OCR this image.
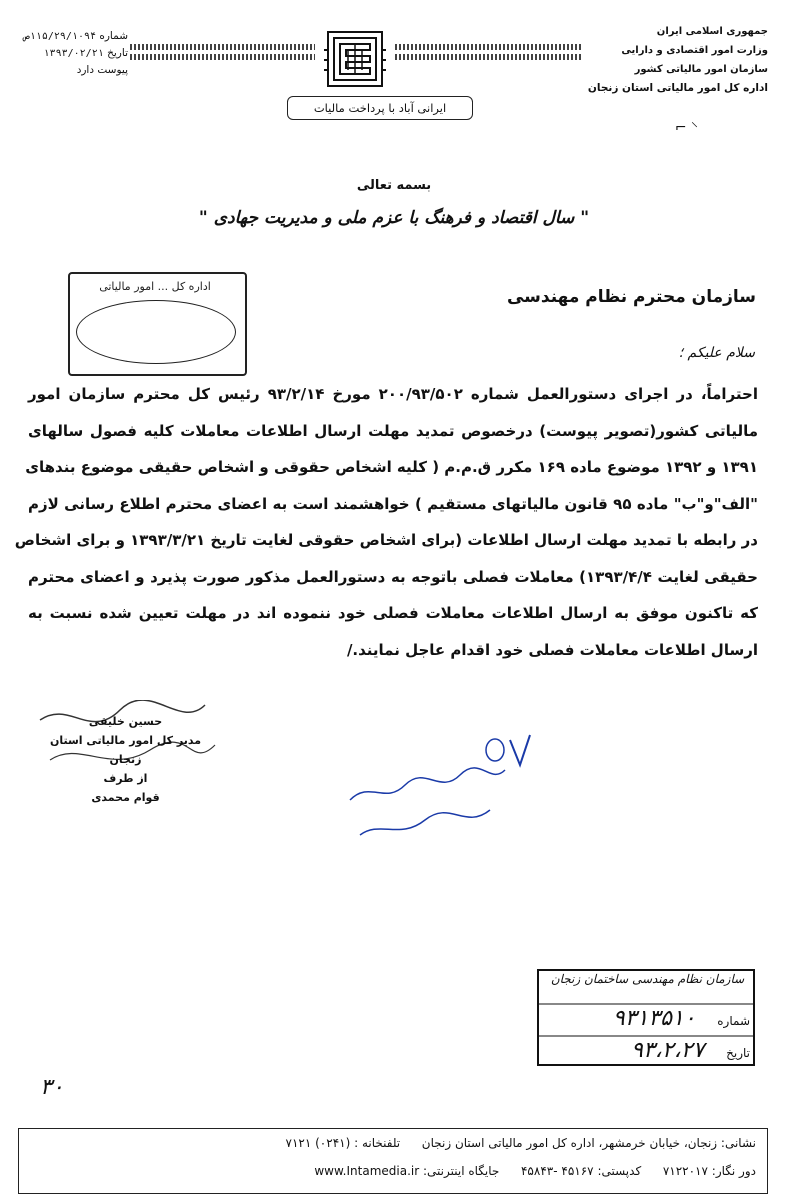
جمهوری اسلامی ایران
وزارت امور اقتصادی و دارایی
سازمان امور مالیاتی کشور
اداره کل امور مالیاتی استان زنجان
شماره ۱۱۵/۲۹/۱۰۹۴ص
تاریخ ۱۳۹۳/۰۲/۲۱
پیوست دارد
ایرانی آباد با پرداخت مالیات
⌐ ⸌
بسمه تعالی
" سال اقتصاد و فرهنگ با عزم ملی و مدیریت جهادی "
اداره کل ... امور مالیاتی
سازمان محترم نظام مهندسی
سلام علیکم ؛
احتراماً، در اجرای دستورالعمل شماره ۲۰۰/۹۳/۵۰۲ مورخ ۹۳/۲/۱۴ رئیس کل محترم سازمان امور
مالیاتی کشور(تصویر پیوست) درخصوص تمدید مهلت ارسال اطلاعات معاملات کلیه فصول سالهای
۱۳۹۱ و ۱۳۹۲ موضوع ماده ۱۶۹ مکرر ق.م.م ( کلیه اشخاص حقوقی و اشخاص حقیقی موضوع بندهای
"الف"و"ب" ماده ۹۵ قانون مالیاتهای مستقیم ) خواهشمند است به اعضای محترم اطلاع رسانی لازم
در رابطه با تمدید مهلت ارسال اطلاعات (برای اشخاص حقوقی لغایت تاریخ ۱۳۹۳/۳/۲۱ و برای اشخاص
حقیقی لغایت ۱۳۹۳/۴/۴) معاملات فصلی باتوجه به دستورالعمل مذکور صورت پذیرد و اعضای محترم
که تاکنون موفق به ارسال اطلاعات معاملات فصلی خود ننموده اند در مهلت تعیین شده نسبت به
ارسال اطلاعات معاملات فصلی خود اقدام عاجل نمایند./
حسین خلیقی
مدیر کل امور مالیاتی استان زنجان
از طرف
قوام محمدی
سازمان نظام مهندسی ساختمان زنجان
شماره  ۹۳۱۳۵۱۰
تاریخ  ۹۳،۲،۲۷
۳۰
نشانی: زنجان، خیابان خرمشهر، اداره کل امور مالیاتی استان زنجان  تلفنخانه : (۰۲۴۱) ۷۱۲۱
دور نگار: ۷۱۲۲۰۱۷  کدپستی: ۴۵۱۶۷ -۴۵۸۴۳  جایگاه اینترنتی: www.Intamedia.ir
